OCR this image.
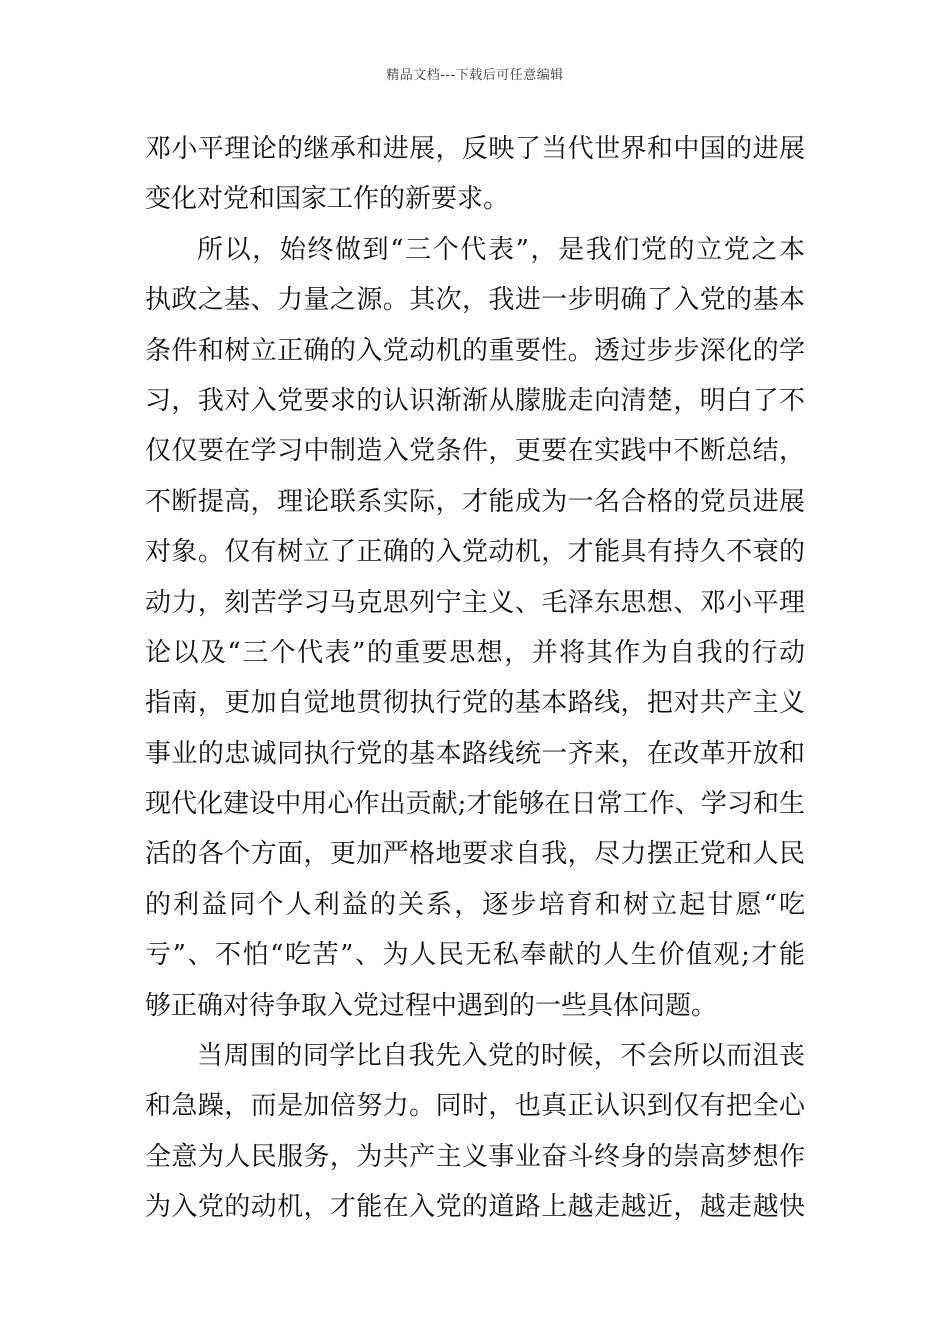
精品文档---下载后可任意编辑
邓小平理论的继承和进展，反映了当代世界和中国的进展
变化对党和国家工作的新要求。
所以，始终做到“三个代表”，是我们党的立党之本
执政之基、力量之源。其次，我进一步明确了入党的基本
条件和树立正确的入党动机的重要性。透过步步深化的学
习，我对入党要求的认识渐渐从朦胧走向清楚，明白了不
仅仅要在学习中制造入党条件，更要在实践中不断总结，
不断提高，理论联系实际，才能成为一名合格的党员进展
对象。仅有树立了正确的入党动机，才能具有持久不衰的
动力，刻苦学习马克思列宁主义、毛泽东思想、邓小平理
论以及“三个代表”的重要思想，并将其作为自我的行动
指南，更加自觉地贯彻执行党的基本路线，把对共产主义
事业的忠诚同执行党的基本路线统一齐来，在改革开放和
现代化建设中用心作出贡献;才能够在日常工作、学习和生
活的各个方面，更加严格地要求自我，尽力摆正党和人民
的利益同个人利益的关系，逐步培育和树立起甘愿“吃
亏”、不怕“吃苦”、为人民无私奉献的人生价值观;才能
够正确对待争取入党过程中遇到的一些具体问题。
当周围的同学比自我先入党的时候，不会所以而沮丧
和急躁，而是加倍努力。同时，也真正认识到仅有把全心
全意为人民服务，为共产主义事业奋斗终身的崇高梦想作
为入党的动机，才能在入党的道路上越走越近，越走越快
